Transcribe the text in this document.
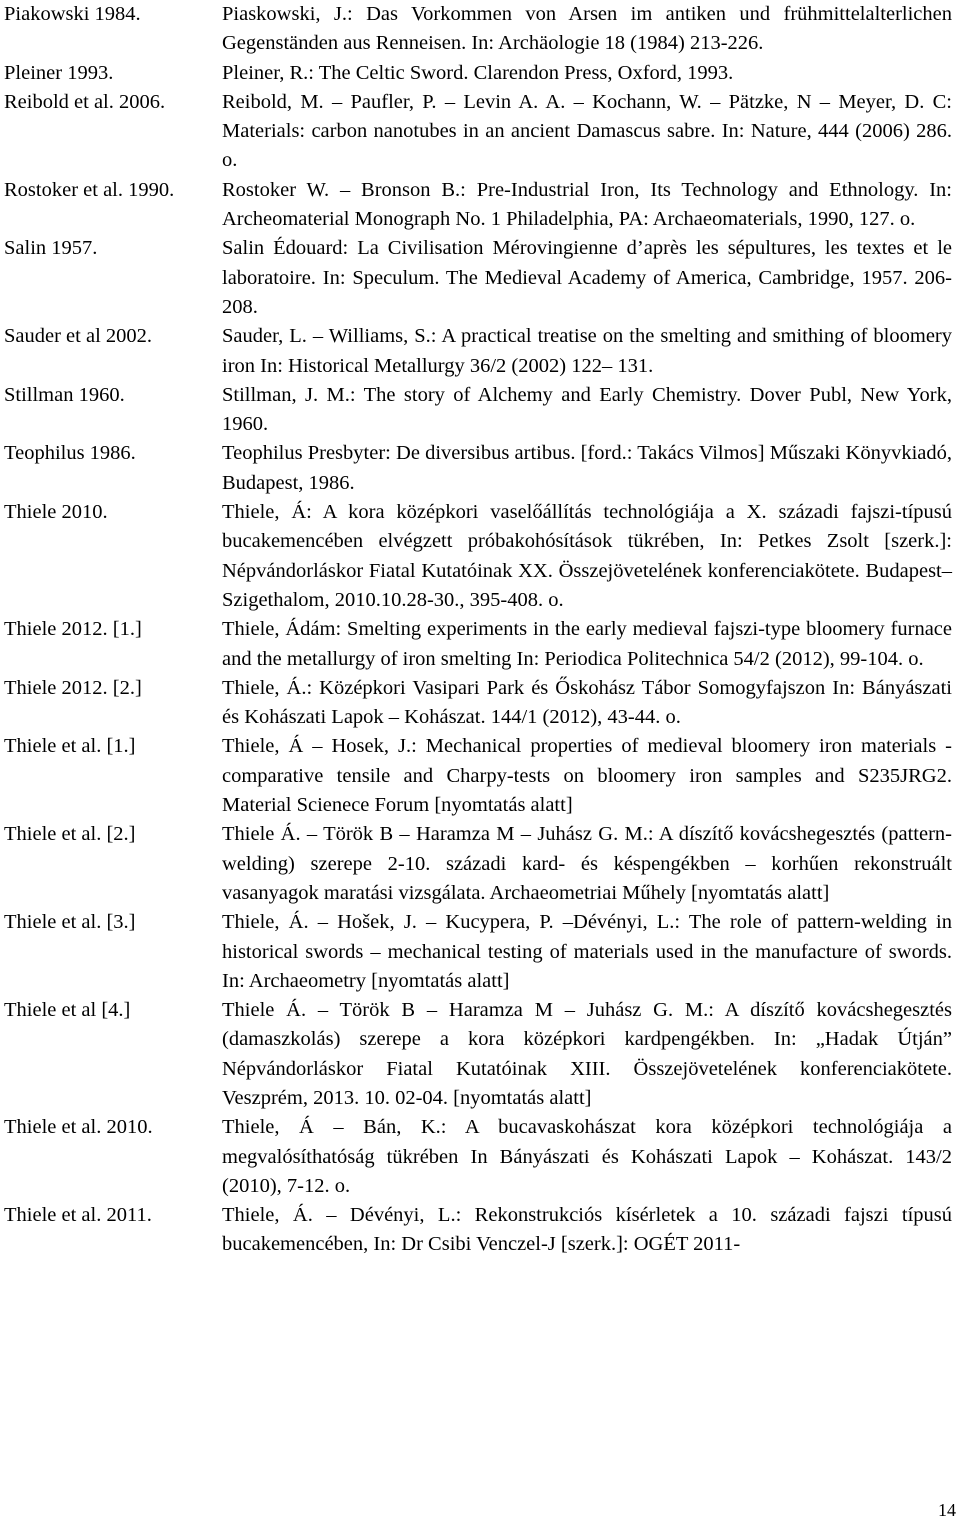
Piakowski 1984.	Piaskowski, J.: Das Vorkommen von Arsen im antiken und frühmittelalterlichen Gegenständen aus Renneisen. In: Archäologie 18 (1984) 213-226.
Pleiner 1993.	Pleiner, R.: The Celtic Sword. Clarendon Press, Oxford, 1993.
Reibold et al. 2006.	Reibold, M. – Paufler, P. – Levin A. A. – Kochann, W. – Pätzke, N – Meyer, D. C: Materials: carbon nanotubes in an ancient Damascus sabre. In: Nature, 444 (2006) 286. o.
Rostoker et al. 1990.	Rostoker W. – Bronson B.: Pre-Industrial Iron, Its Technology and Ethnology. In: Archeomaterial Monograph No. 1 Philadelphia, PA: Archaeomaterials, 1990, 127. o.
Salin 1957.	Salin Édouard: La Civilisation Mérovingienne d’après les sépultures, les textes et le laboratoire. In: Speculum. The Medieval Academy of America, Cambridge, 1957. 206-208.
Sauder et al 2002.	Sauder, L. – Williams, S.: A practical treatise on the smelting and smithing of bloomery iron In: Historical Metallurgy 36/2 (2002) 122– 131.
Stillman 1960.	Stillman, J. M.: The story of Alchemy and Early Chemistry. Dover Publ, New York, 1960.
Teophilus 1986.	Teophilus Presbyter: De diversibus artibus. [ford.: Takács Vilmos] Műszaki Könyvkiadó, Budapest, 1986.
Thiele 2010.	Thiele, Á: A kora középkori vaselőállítás technológiája a X. századi fajszi-típusú bucakemencében elvégzett próbakohósítások tükrében, In: Petkes Zsolt [szerk.]: Népvándorláskor Fiatal Kutatóinak XX. Összejövetelének konferenciakötete. Budapest–Szigethalom, 2010.10.28-30., 395-408. o.
Thiele 2012. [1.]	Thiele, Ádám: Smelting experiments in the early medieval fajszi-type bloomery furnace and the metallurgy of iron smelting In: Periodica Politechnica 54/2 (2012), 99-104. o.
Thiele 2012. [2.]	Thiele, Á.: Középkori Vasipari Park és Őskohász Tábor Somogyfajszon In: Bányászati és Kohászati Lapok – Kohászat. 144/1 (2012), 43-44. o.
Thiele et al. [1.]	Thiele, Á – Hosek, J.: Mechanical properties of medieval bloomery iron materials - comparative tensile and Charpy-tests on bloomery iron samples and S235JRG2. Material Scienece Forum [nyomtatás alatt]
Thiele et al. [2.]	Thiele Á. – Török B – Haramza M – Juhász G. M.: A díszítő kovácshegesztés (pattern-welding) szerepe 2-10. századi kard- és késpengékben – korhűen rekonstruált vasanyagok maratási vizsgálata. Archaeometriai Műhely [nyomtatás alatt]
Thiele et al. [3.]	Thiele, Á. – Hošek, J. – Kucypera, P. –Dévényi, L.: The role of pattern-welding in historical swords – mechanical testing of materials used in the manufacture of swords. In: Archaeometry [nyomtatás alatt]
Thiele et al [4.]	Thiele Á. – Török B – Haramza M – Juhász G. M.: A díszítő kovácshegesztés (damaszkolás) szerepe a kora középkori kardpengékben. In: „Hadak Útján” Népvándorláskor Fiatal Kutatóinak XIII. Összejövetelének konferenciakötete. Veszprém, 2013. 10. 02-04. [nyomtatás alatt]
Thiele et al. 2010.	Thiele, Á – Bán, K.: A bucavaskohászat kora középkori technológiája a megvalósíthatóság tükrében In Bányászati és Kohászati Lapok – Kohászat. 143/2 (2010), 7-12. o.
Thiele et al. 2011.	Thiele, Á. – Dévényi, L.: Rekonstrukciós kísérletek a 10. századi fajszi típusú bucakemencében, In: Dr Csibi Venczel-J [szerk.]: OGÉT 2011-
14
